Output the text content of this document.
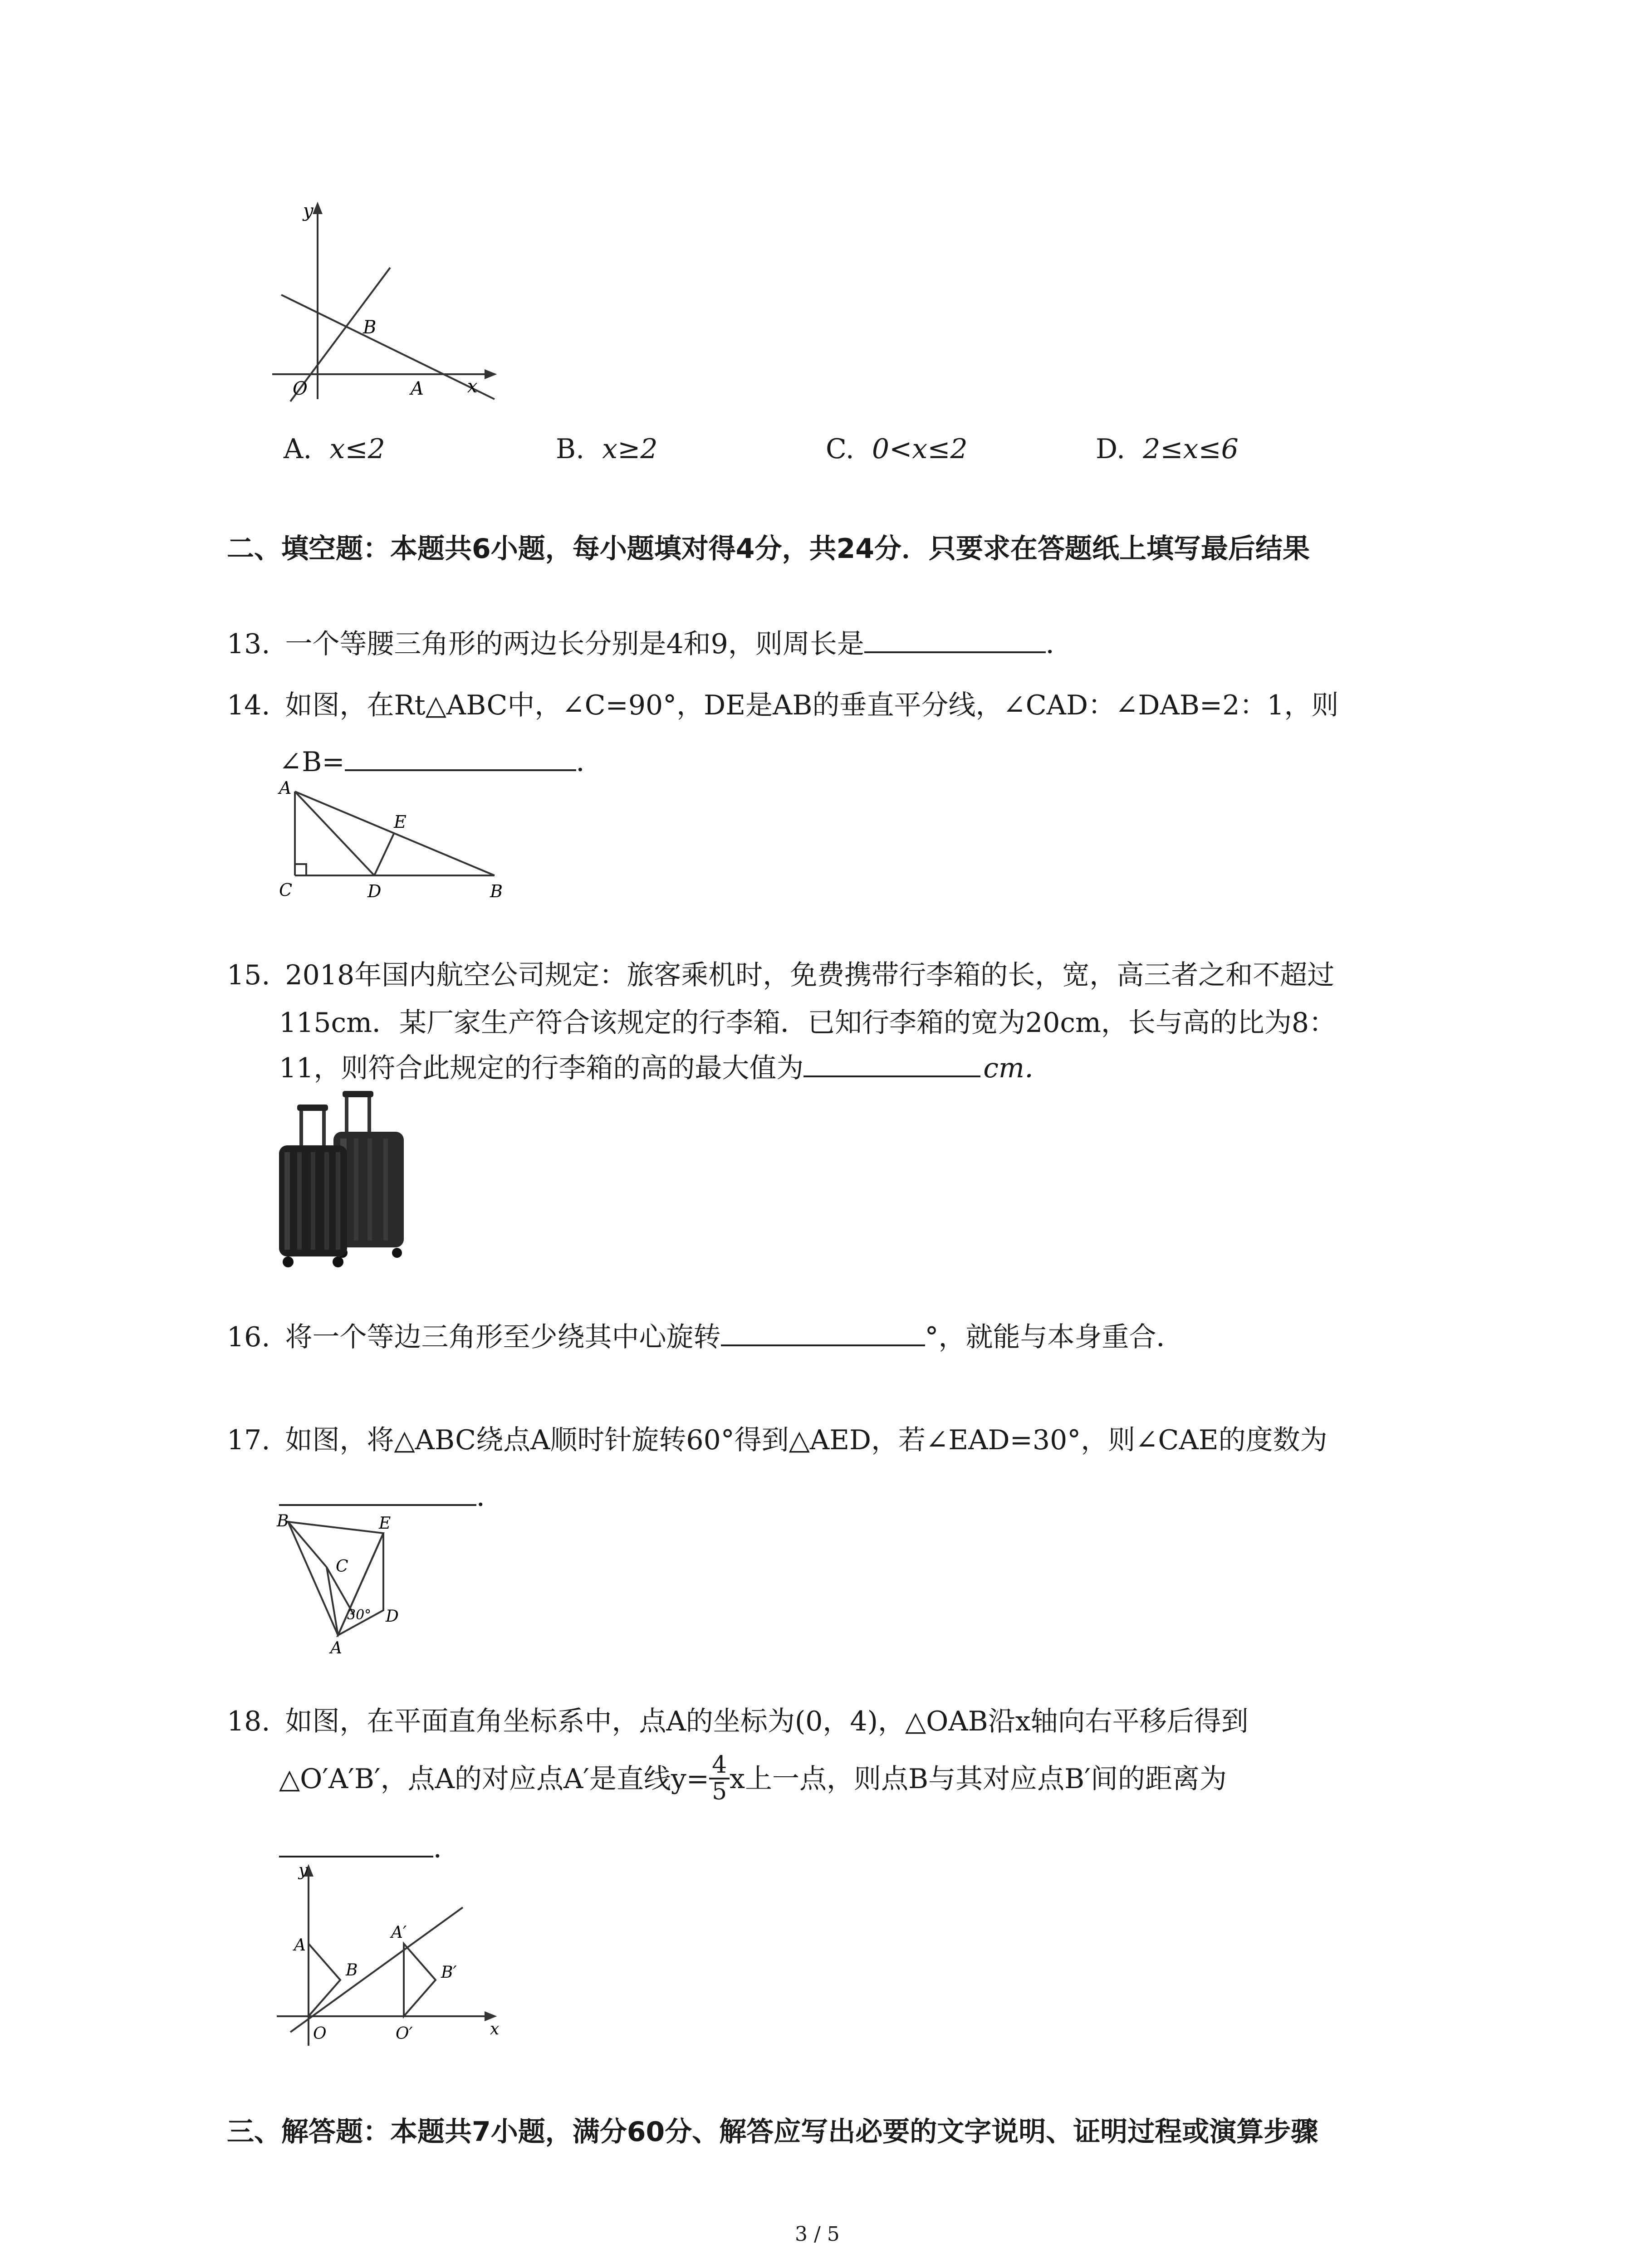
y
x
O	A
B
A. x≤2	B. x≥2	C. 0<x≤2	D. 2≤x≤6
二、填空题：本题共6小题，每小题填对得4分，共24分．只要求在答题纸上填写最后结果
13. 一个等腰三角形的两边长分别是4和9，则周长是	．
14. 如图，在Rt△ABC中，∠C=90°，DE是AB的垂直平分线，∠CAD：∠DAB=2：1，则
∠B=	．
A
C	D	B
E
15. 2018年国内航空公司规定：旅客乘机时，免费携带行李箱的长，宽，高三者之和不超过
115cm．某厂家生产符合该规定的行李箱．已知行李箱的宽为20cm，长与高的比为8：
11，则符合此规定的行李箱的高的最大值为	cm．
16. 将一个等边三角形至少绕其中心旋转	°，就能与本身重合．
17. 如图，将△ABC绕点A顺时针旋转60°得到△AED，若∠EAD=30°，则∠CAE的度数为
．
B	E
C
D
A
30°
18. 如图，在平面直角坐标系中，点A的坐标为(0，4)，△OAB沿x轴向右平移后得到
△O′A′B′，点A的对应点A′是直线$y= \frac{4}{5}$ x上一点，则点B与其对应点B′间的距离为
．
y
x
A
B
O
A′
B′
O′
三、解答题：本题共7小题，满分60分、解答应写出必要的文字说明、证明过程或演算步骤
3 / 5
